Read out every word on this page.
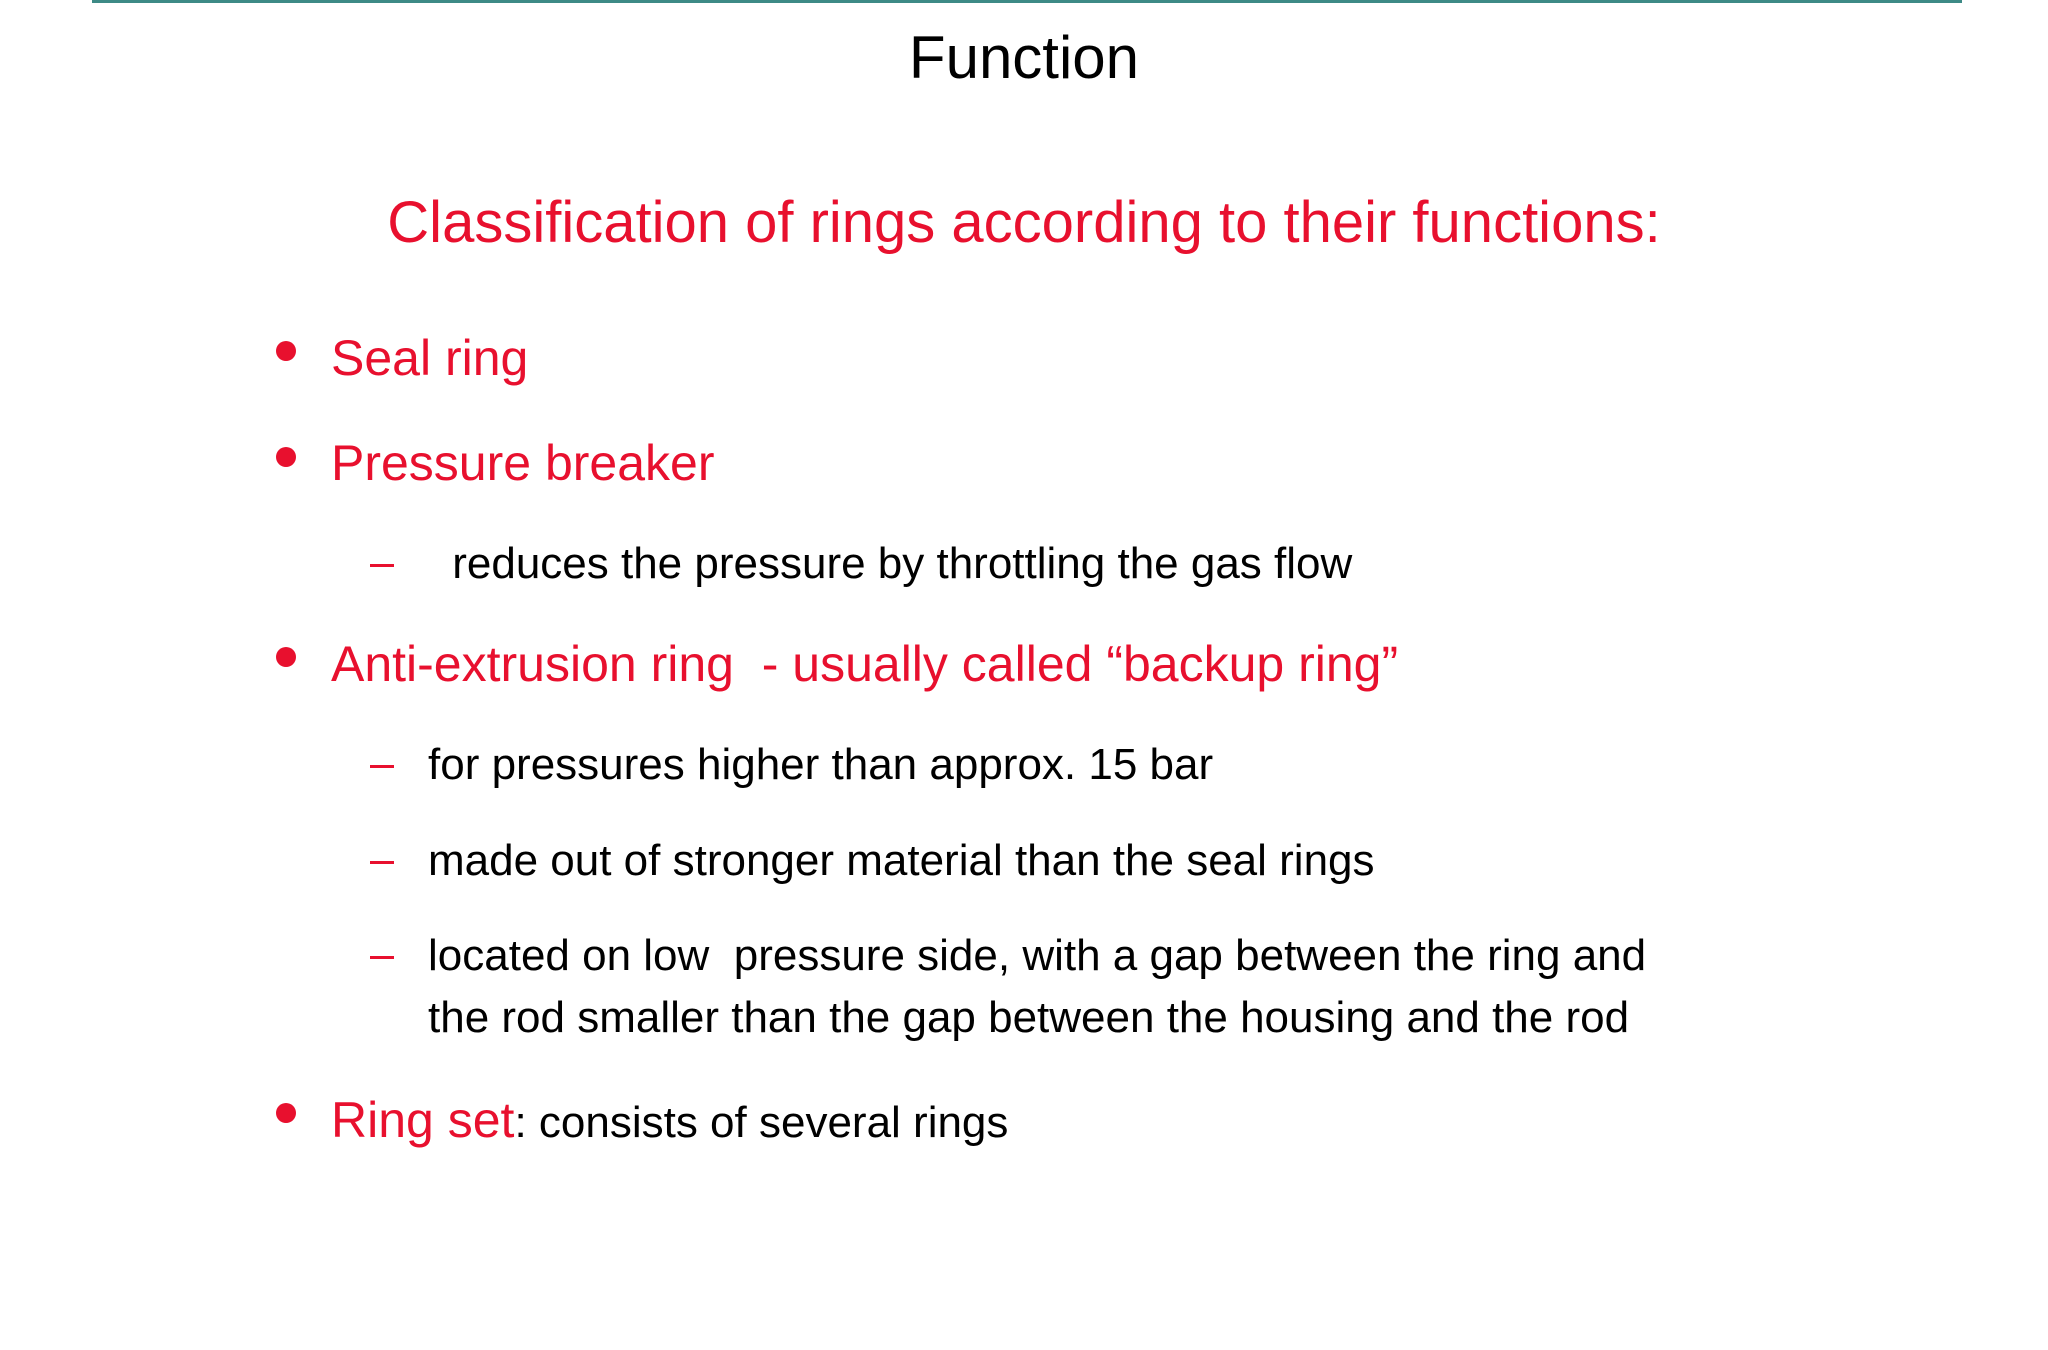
Function
Classification of rings according to their functions:
Seal ring
Pressure breaker
reduces the pressure by throttling the gas flow
Anti-extrusion ring  - usually called “backup ring”
for pressures higher than approx. 15 bar
made out of stronger material than the seal rings
located on low  pressure side, with a gap between the ring and
the rod smaller than the gap between the housing and the rod
Ring set: consists of several rings
